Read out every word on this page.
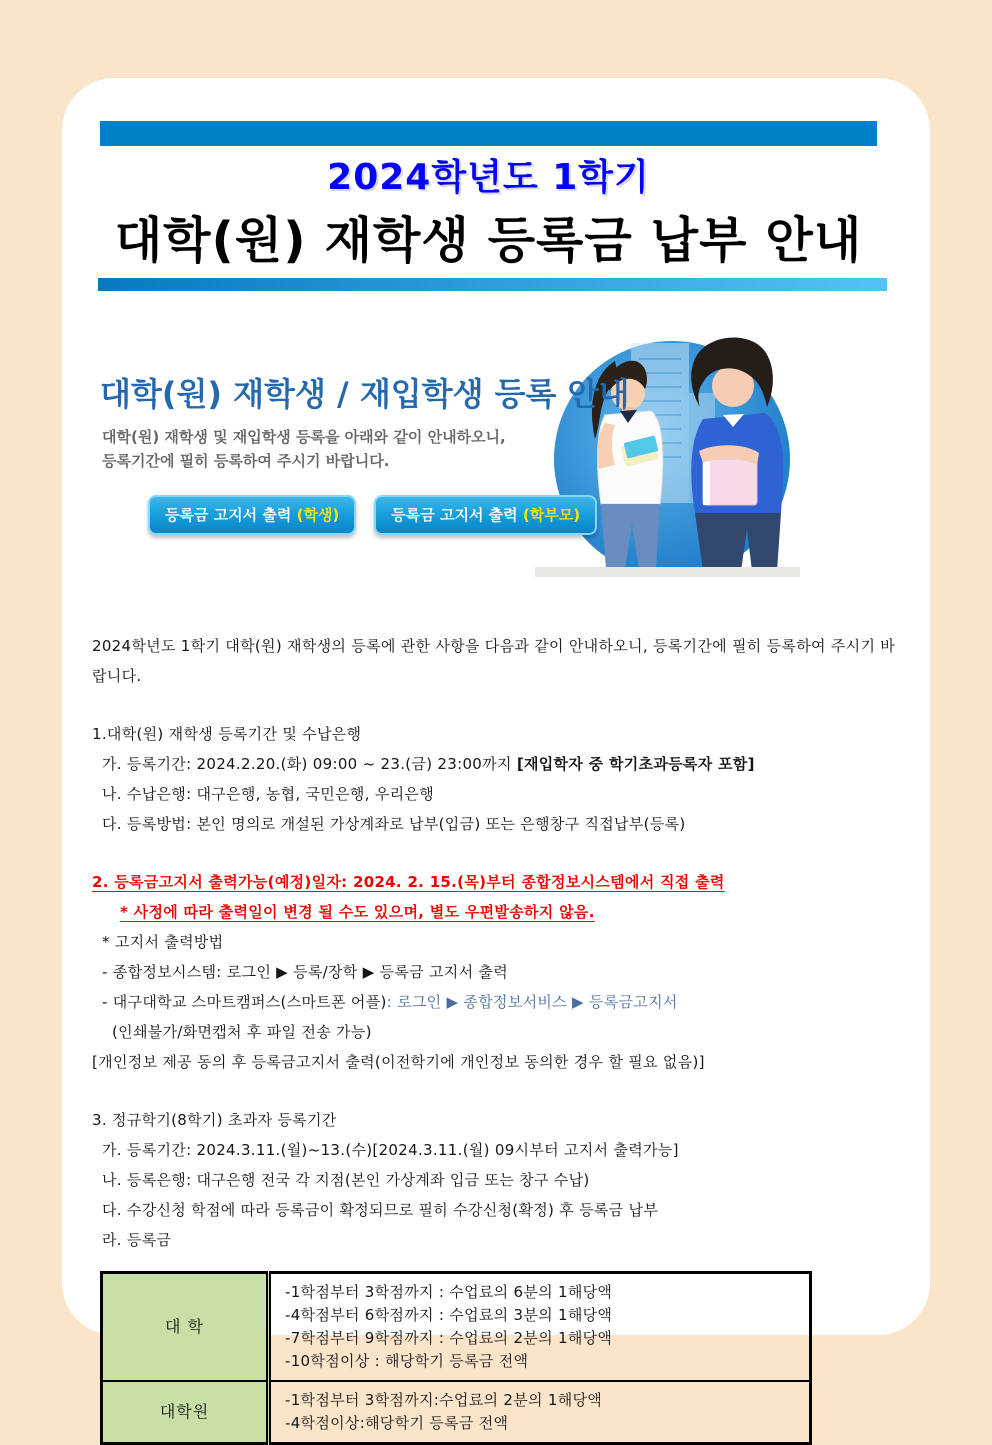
2024학년도 1학기
대학(원) 재학생 등록금 납부 안내
대학(원) 재학생 / 재입학생 등록 안내
대학(원) 재학생 및 재입학생 등록을 아래와 같이 안내하오니,
등록기간에 필히 등록하여 주시기 바랍니다.
등록금 고지서 출력 (학생)	등록금 고지서 출력 (학부모)

2024학년도 1학기 대학(원) 재학생의 등록에 관한 사항을 다음과 같이 안내하오니, 등록기간에 필히 등록하여 주시기 바랍니다.

1.대학(원) 재학생 등록기간 및 수납은행

가. 등록기간: 2024.2.20.(화) 09:00 ~ 23.(금) 23:00까지 [재입학자 중 학기초과등록자 포함]

나. 수납은행: 대구은행, 농협, 국민은행, 우리은행

다. 등록방법: 본인 명의로 개설된 가상계좌로 납부(입금) 또는 은행창구 직접납부(등록)

2. 등록금고지서 출력가능(예정)일자: 2024. 2. 15.(목)부터 종합정보시스템에서 직접 출력

* 사정에 따라 출력일이 변경 될 수도 있으며, 별도 우편발송하지 않음.

* 고지서 출력방법

- 종합정보시스템: 로그인 ▶ 등록/장학 ▶ 등록금 고지서 출력

- 대구대학교 스마트캠퍼스(스마트폰 어플): 로그인 ▶ 종합정보서비스 ▶ 등록금고지서

(인쇄불가/화면캡처 후 파일 전송 가능)

[개인정보 제공 동의 후 등록금고지서 출력(이전학기에 개인정보 동의한 경우 할 필요 없음)]

3. 정규학기(8학기) 초과자 등록기간

가. 등록기간: 2024.3.11.(월)~13.(수)[2024.3.11.(월) 09시부터 고지서 출력가능]

나. 등록은행: 대구은행 전국 각 지점(본인 가상계좌 입금 또는 창구 수납)

다. 수강신청 학점에 따라 등록금이 확정되므로 필히 수강신청(확정) 후 등록금 납부

라. 등록금

대 학	-1학점부터 3학점까지 : 수업료의 6분의 1해당액
-4학점부터 6학점까지 : 수업료의 3분의 1해당액
-7학점부터 9학점까지 : 수업료의 2분의 1해당액
-10학점이상 : 해당학기 등록금 전액

대학원	-1학점부터 3학점까지:수업료의 2분의 1해당액
-4학점이상:해당학기 등록금 전액
